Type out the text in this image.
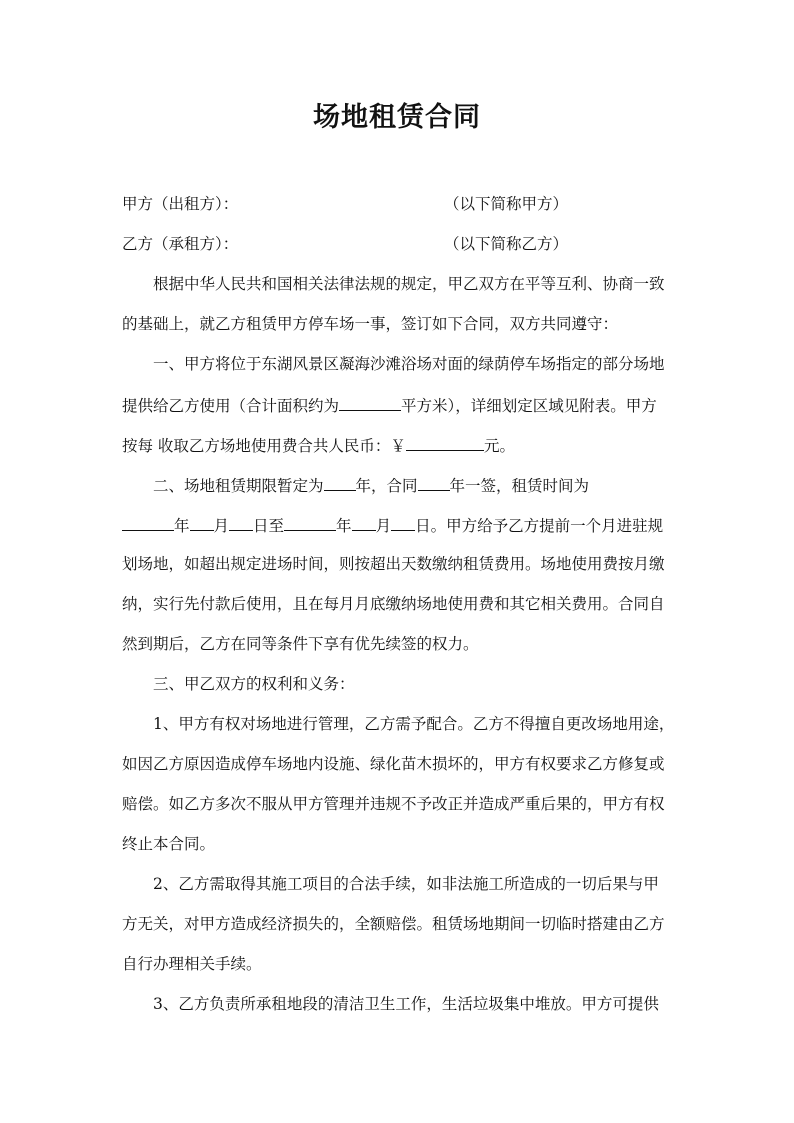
场地租赁合同
甲方（出租方）：	（以下简称甲方）
乙方（承租方）：	（以下简称乙方）
根据中华人民共和国相关法律法规的规定，甲乙双方在平等互利、协商一致
的基础上，就乙方租赁甲方停车场一事，签订如下合同，双方共同遵守：
一、甲方将位于东湖风景区凝海沙滩浴场对面的绿荫停车场指定的部分场地
提供给乙方使用（合计面积约为	平方米），详细划定区域见附表。甲方
按每 收取乙方场地使用费合共人民币：￥	元。
二、场地租赁期限暂定为 年，合同 年一签，租赁时间为
年 月 日至	年 月 日。甲方给予乙方提前一个月进驻规
划场地，如超出规定进场时间，则按超出天数缴纳租赁费用。场地使用费按月缴
纳，实行先付款后使用，且在每月月底缴纳场地使用费和其它相关费用。合同自
然到期后，乙方在同等条件下享有优先续签的权力。
三、甲乙双方的权利和义务：
1、甲方有权对场地进行管理，乙方需予配合。乙方不得擅自更改场地用途，
如因乙方原因造成停车场地内设施、绿化苗木损坏的，甲方有权要求乙方修复或
赔偿。如乙方多次不服从甲方管理并违规不予改正并造成严重后果的，甲方有权
终止本合同。
2、乙方需取得其施工项目的合法手续，如非法施工所造成的一切后果与甲
方无关，对甲方造成经济损失的，全额赔偿。租赁场地期间一切临时搭建由乙方
自行办理相关手续。
3、乙方负责所承租地段的清洁卫生工作，生活垃圾集中堆放。甲方可提供
